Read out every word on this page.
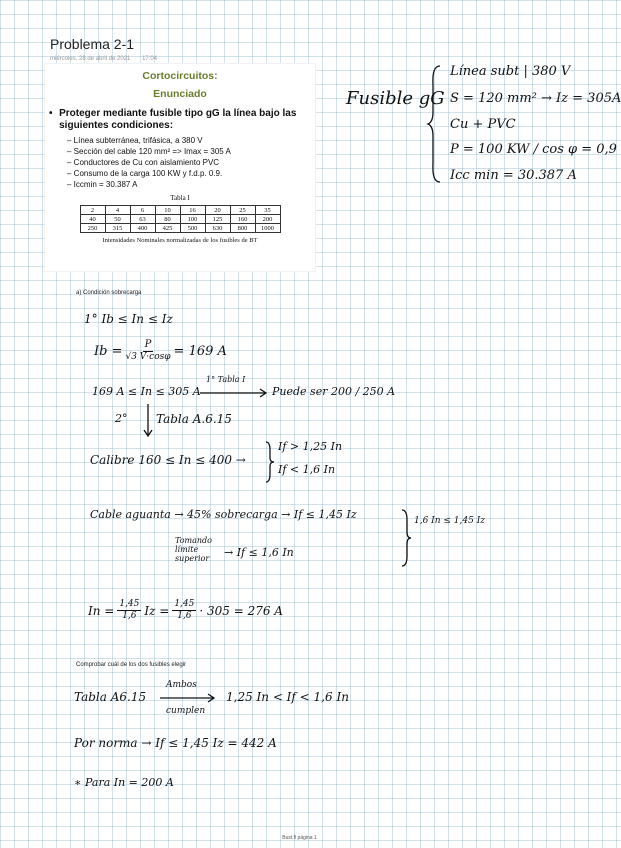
Problema 2-1
miércoles, 28 de abril de 2021 17:04
Cortocircuitos:
Enunciado
• Proteger mediante fusible tipo gG la línea bajo las siguientes condiciones:
– Línea subterránea, trifásica, a 380 V
– Sección del cable 120 mm² => Imax = 305 A
– Conductores de Cu con aislamiento PVC
– Consumo de la carga 100 KW y f.d.p. 0.9.
– Iccmin = 30.387 A
Tabla I
2	4	6	10	16	20	25	35
40	50	63	80	100	125	160	200
250	315	400	425	500	630	800	1000
Intensidades Nominales normalizadas de los fusibles de BT
Fusible gG
Línea subt | 380 V
S = 120 mm² → Iz = 305A
Cu + PVC
P = 100 KW / cos φ = 0,9
Icc min = 30.387 A
a) Condición sobrecarga
1° Ib ≤ In ≤ Iz
$Ib = \frac{P}{√3 V\cdot\cos\varphi} = 169$ A
169 A ≤ In ≤ 305 A
1° Tabla I
Puede ser 200 / 250 A
2° Tabla A.6.15
Calibre 160 ≤ In ≤ 400 →
If > 1,25 In
If < 1,6 In
Cable aguanta → 45% sobrecarga → If ≤ 1,45 Iz	1,6 In ≤ 1,45 Iz
Tomando
límite
superior → If ≤ 1,6 In
$In = \frac{1,45}{1,6}$ $Iz = \frac{1,45}{1,6} \cdot 305 = 276$ A
Comprobar cuál de los dos fusibles elegir
Tabla A6.15
Ambos
cumplen
1,25 In < If < 1,6 In
Por norma → If ≤ 1,45 Iz = 442 A
∗ Para In = 200 A
Bust.fl página 1
